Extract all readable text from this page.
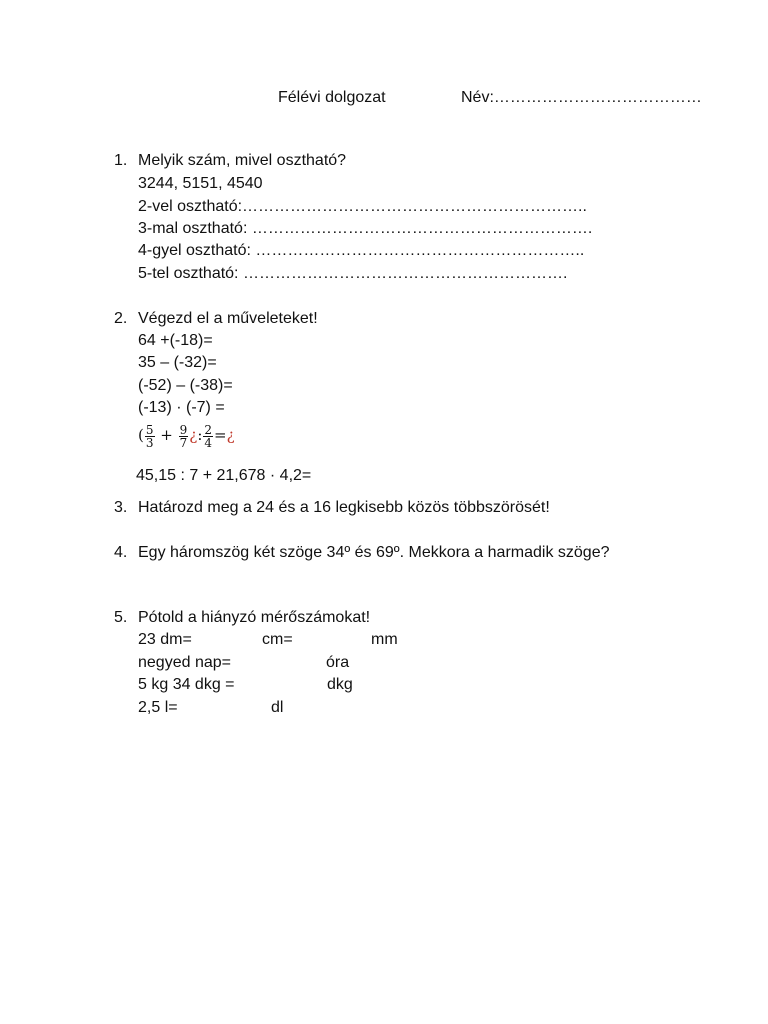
Félévi dolgozat	Név:…………………………………
1. Melyik szám, mivel osztható?
3244, 5151, 4540
2-vel osztható:………………………………………………………..
3-mal osztható: ……………………………………………………….
4-gyel osztható: ……………………………………………………..
5-tel osztható: …………………………………………………….
2. Végezd el a műveleteket!
64 +(-18)=
35 – (-32)=
(-52) – (-38)=
(-13) · (-7) =
( $\frac{5}{3} + \frac{9}{7}$ ¿: $\frac{2}{4}$ =¿
45,15 : 7 + 21,678 · 4,2=
3. Határozd meg a 24 és a 16 legkisebb közös többszörösét!
4. Egy háromszög két szöge 34º és 69º. Mekkora a harmadik szöge?
5. Pótold a hiányzó mérőszámokat!
23 dm=	cm=	mm
negyed nap=	óra
5 kg 34 dkg =	dkg
2,5 l=	dl
